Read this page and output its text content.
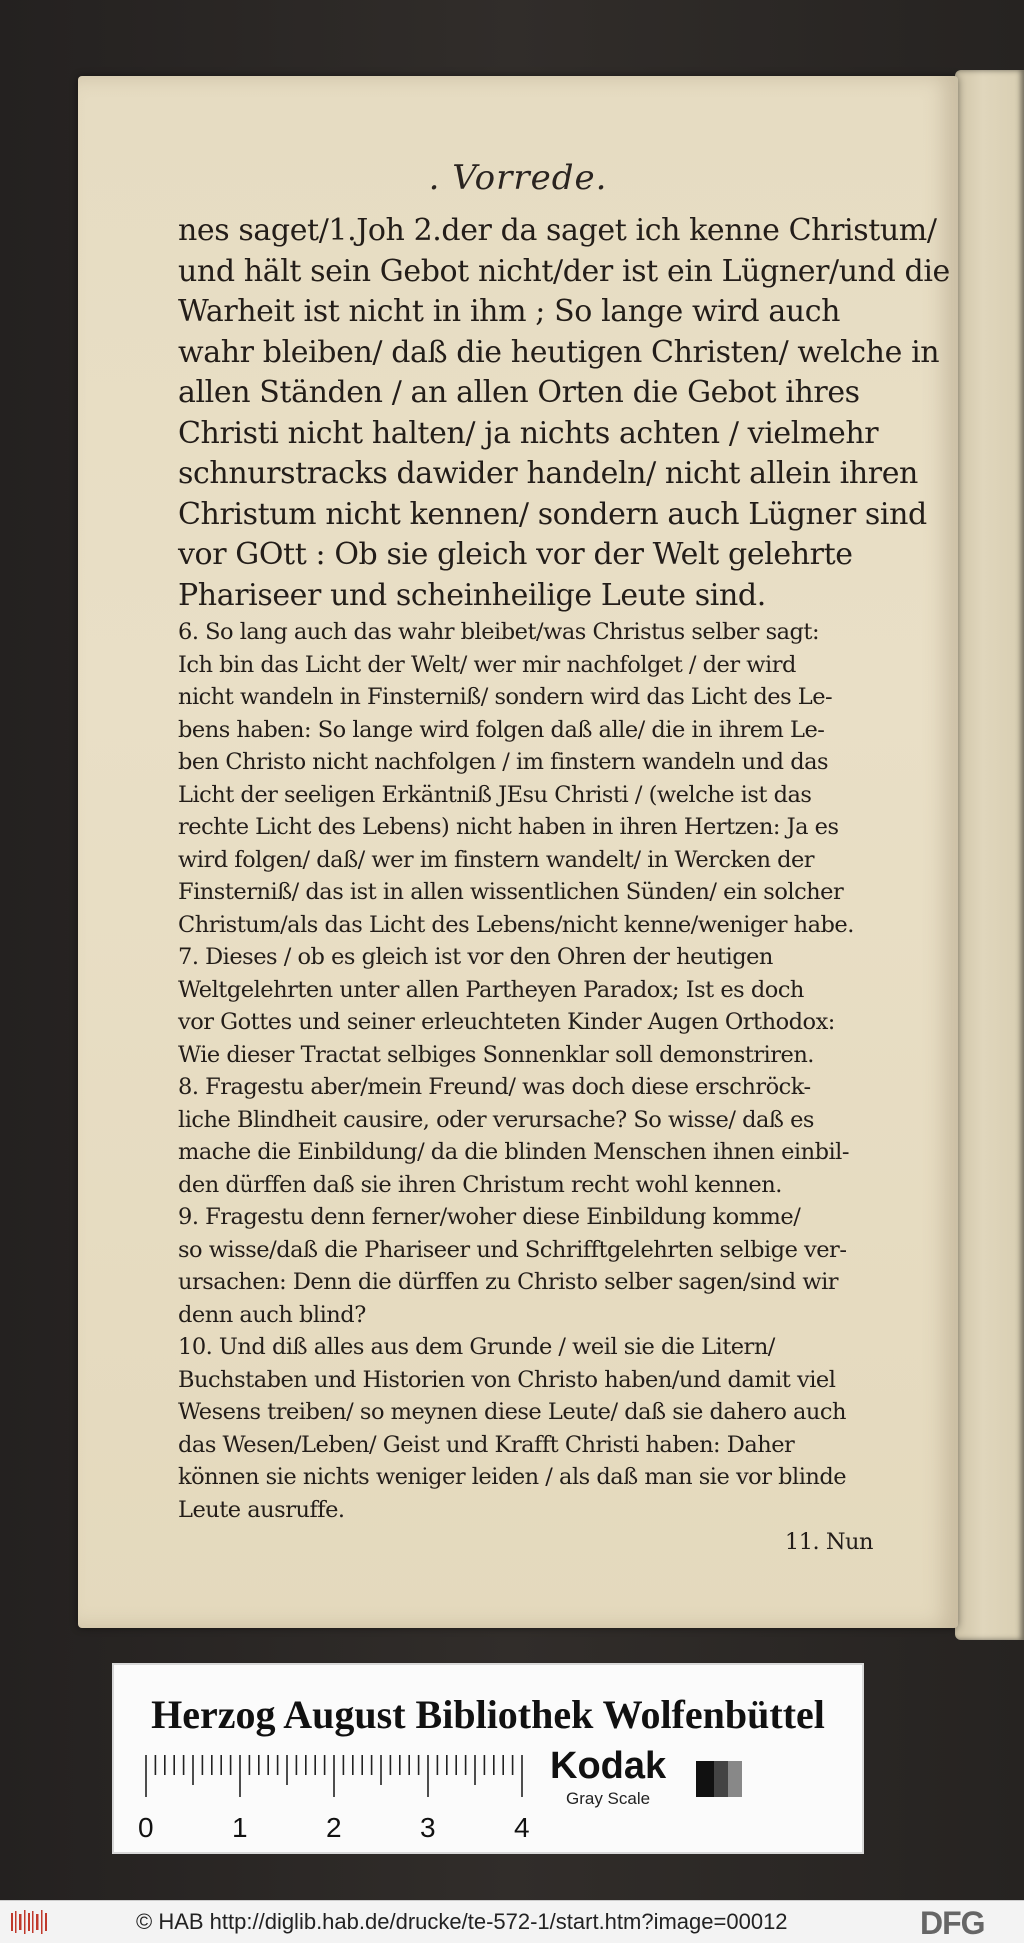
. Vorrede.
nes saget/1.Joh 2.der da saget ich kenne Christum/
und hält sein Gebot nicht/der ist ein Lügner/und die
Warheit ist nicht in ihm ; So lange wird auch
wahr bleiben/ daß die heutigen Christen/ welche in
allen Ständen / an allen Orten die Gebot ihres
Christi nicht halten/ ja nichts achten / vielmehr
schnurstracks dawider handeln/ nicht allein ihren
Christum nicht kennen/ sondern auch Lügner sind
vor GOtt : Ob sie gleich vor der Welt gelehrte
Phariseer und scheinheilige Leute sind.
6. So lang auch das wahr bleibet/was Christus selber sagt:
Ich bin das Licht der Welt/ wer mir nachfolget / der wird
nicht wandeln in Finsterniß/ sondern wird das Licht des Le-
bens haben: So lange wird folgen daß alle/ die in ihrem Le-
ben Christo nicht nachfolgen / im finstern wandeln und das
Licht der seeligen Erkäntniß JEsu Christi / (welche ist das
rechte Licht des Lebens) nicht haben in ihren Hertzen: Ja es
wird folgen/ daß/ wer im finstern wandelt/ in Wercken der
Finsterniß/ das ist in allen wissentlichen Sünden/ ein solcher
Christum/als das Licht des Lebens/nicht kenne/weniger habe.
7. Dieses / ob es gleich ist vor den Ohren der heutigen
Weltgelehrten unter allen Partheyen Paradox; Ist es doch
vor Gottes und seiner erleuchteten Kinder Augen Orthodox:
Wie dieser Tractat selbiges Sonnenklar soll demonstriren.
8. Fragestu aber/mein Freund/ was doch diese erschröck-
liche Blindheit causire, oder verursache? So wisse/ daß es
mache die Einbildung/ da die blinden Menschen ihnen einbil-
den dürffen daß sie ihren Christum recht wohl kennen.
9. Fragestu denn ferner/woher diese Einbildung komme/
so wisse/daß die Phariseer und Schrifftgelehrten selbige ver-
ursachen: Denn die dürffen zu Christo selber sagen/sind wir
denn auch blind?
10. Und diß alles aus dem Grunde / weil sie die Litern/
Buchstaben und Historien von Christo haben/und damit viel
Wesens treiben/ so meynen diese Leute/ daß sie dahero auch
das Wesen/Leben/ Geist und Krafft Christi haben: Daher
können sie nichts weniger leiden / als daß man sie vor blinde
Leute ausruffe.
11. Nun
Herzog August Bibliothek Wolfenbüttel
0	1	2	3	4
Kodak
Gray Scale
© HAB http://diglib.hab.de/drucke/te-572-1/start.htm?image=00012	DFG
